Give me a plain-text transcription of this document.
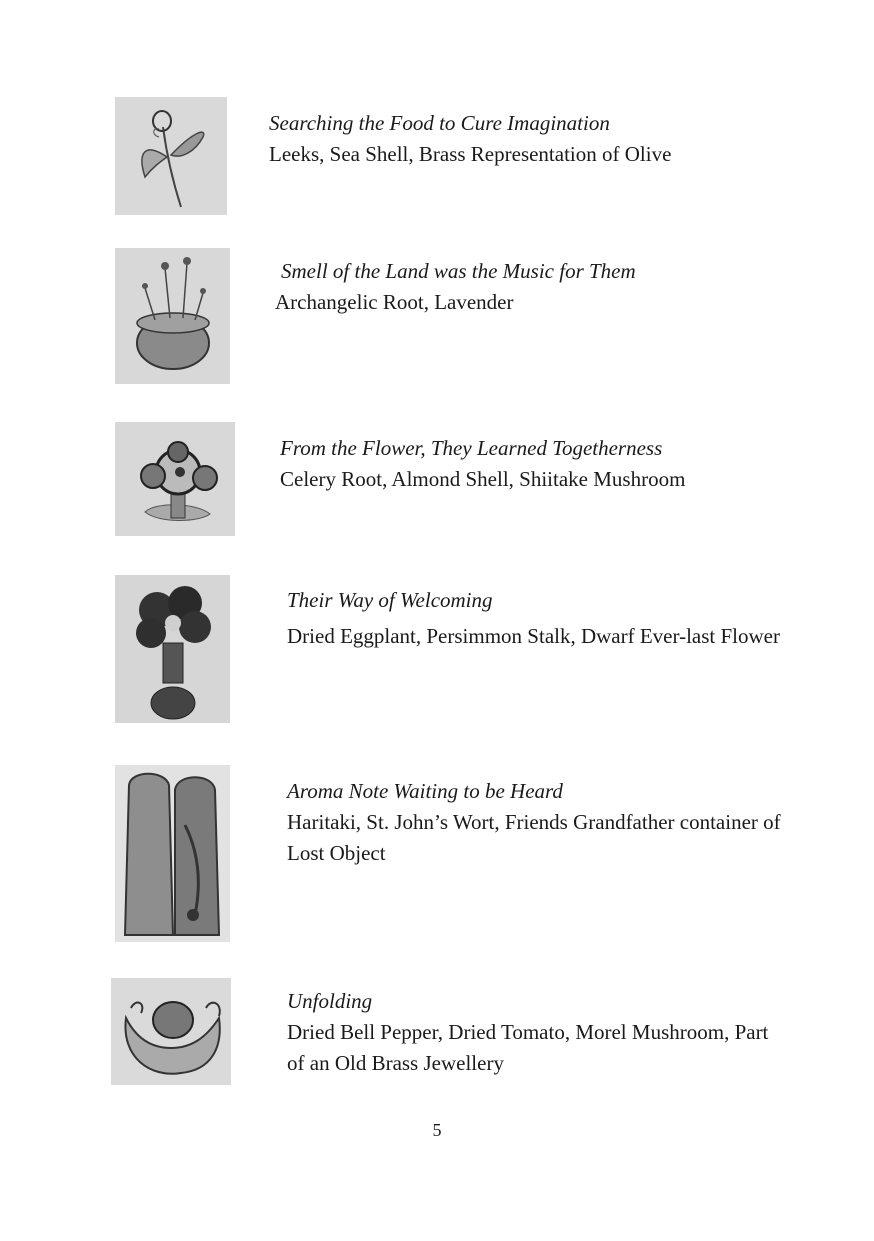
Searching the Food to Cure Imagination
Leeks, Sea Shell, Brass Representation of Olive
Smell of the Land was the Music for Them
Archangelic Root, Lavender
From the Flower, They Learned Togetherness
Celery Root, Almond Shell, Shiitake Mushroom
Their Way of Welcoming
Dried Eggplant, Persimmon Stalk, Dwarf Ever-last Flower
Aroma Note Waiting to be Heard
Haritaki, St. John’s Wort, Friends Grandfather container of Lost Object
Unfolding
Dried Bell Pepper, Dried Tomato, Morel Mushroom, Part of an Old Brass Jewellery
5
